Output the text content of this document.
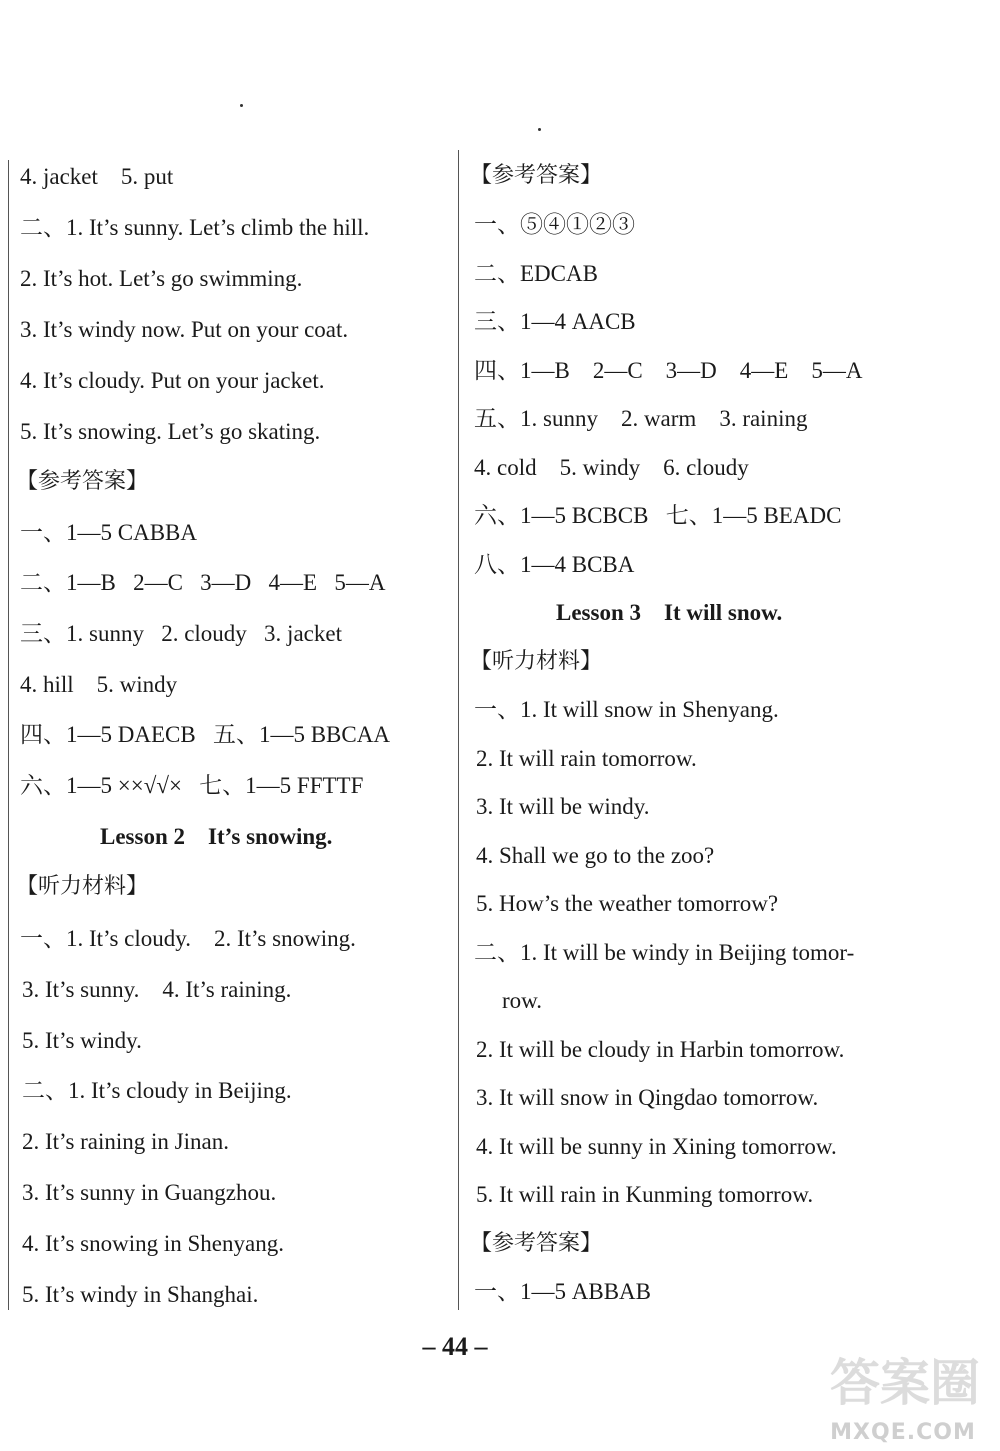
4. jacket    5. put
二、1. It’s sunny. Let’s climb the hill.
2. It’s hot. Let’s go swimming.
3. It’s windy now. Put on your coat.
4. It’s cloudy. Put on your jacket.
5. It’s snowing. Let’s go skating.
【参考答案】
一、1—5 CABBA
二、1—B   2—C   3—D   4—E   5—A
三、1. sunny   2. cloudy   3. jacket
4. hill    5. windy
四、1—5 DAECB   五、1—5 BBCAA
六、1—5 ××√√×   七、1—5 FFTTF
Lesson 2    It’s snowing.
【听力材料】
一、1. It’s cloudy.    2. It’s snowing.
3. It’s sunny.    4. It’s raining.
5. It’s windy.
二、1. It’s cloudy in Beijing.
2. It’s raining in Jinan.
3. It’s sunny in Guangzhou.
4. It’s snowing in Shenyang.
5. It’s windy in Shanghai.
【参考答案】
一、⑤④①②③
二、EDCAB
三、1—4 AACB
四、1—B    2—C    3—D    4—E    5—A
五、1. sunny    2. warm    3. raining
4. cold    5. windy    6. cloudy
六、1—5 BCBCB   七、1—5 BEADC
八、1—4 BCBA
Lesson 3    It will snow.
【听力材料】
一、1. It will snow in Shenyang.
2. It will rain tomorrow.
3. It will be windy.
4. Shall we go to the zoo?
5. How’s the weather tomorrow?
二、1. It will be windy in Beijing tomor-
row.
2. It will be cloudy in Harbin tomorrow.
3. It will snow in Qingdao tomorrow.
4. It will be sunny in Xining tomorrow.
5. It will rain in Kunming tomorrow.
【参考答案】
一、1—5 ABBAB
– 44 –
答案圈
MXQE.COM
